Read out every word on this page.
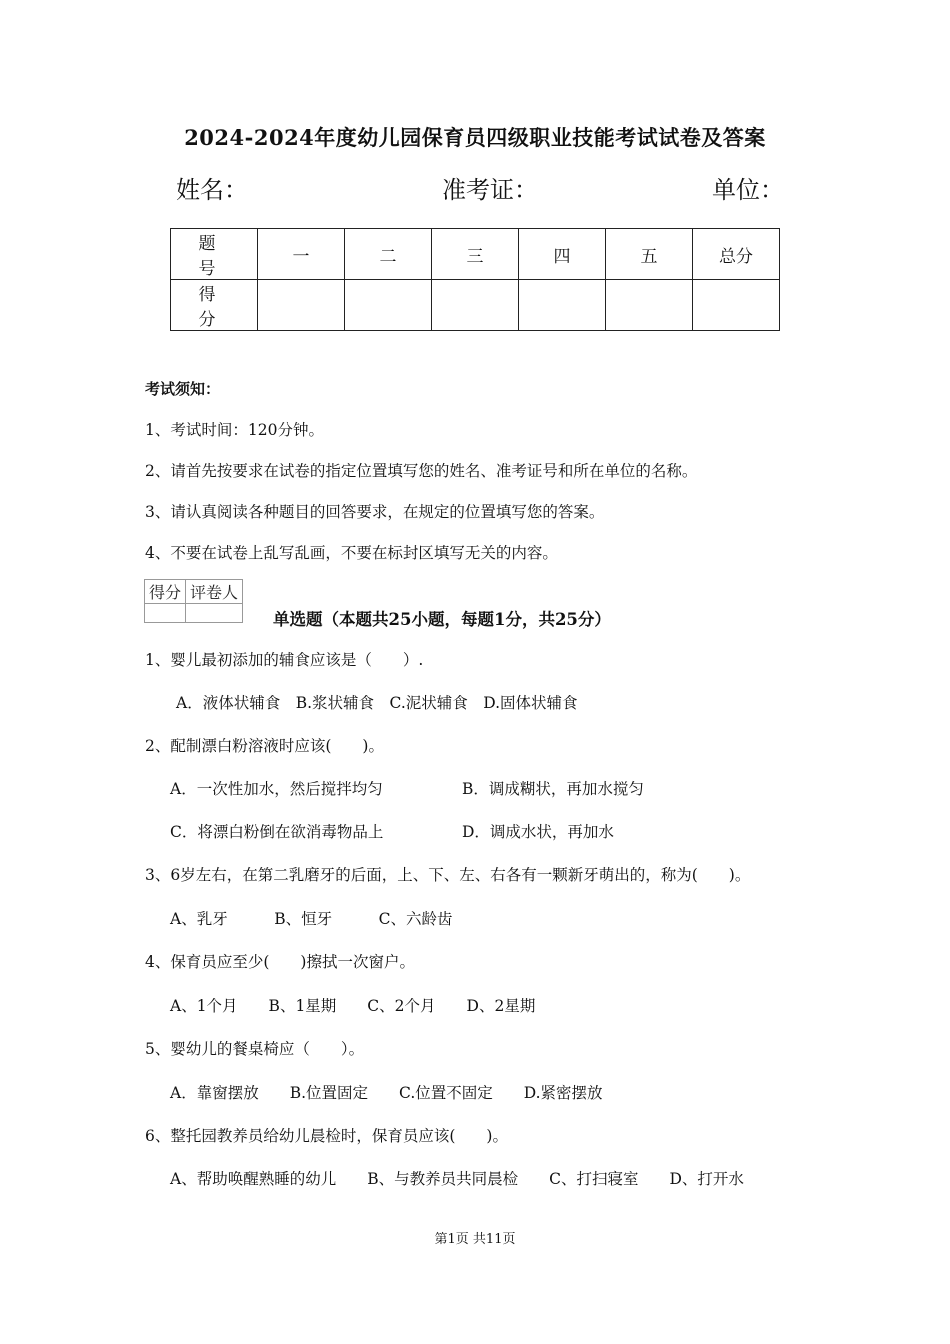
2024-2024年度幼儿园保育员四级职业技能考试试卷及答案
姓名：	准考证：	单位：
题　号	一	二	三	四	五	总分
得　分						
考试须知：
1、考试时间：120分钟。
2、请首先按要求在试卷的指定位置填写您的姓名、准考证号和所在单位的名称。
3、请认真阅读各种题目的回答要求，在规定的位置填写您的答案。
4、不要在试卷上乱写乱画，不要在标封区填写无关的内容。
得分	评卷人

单选题（本题共25小题，每题1分，共25分）
1、婴儿最初添加的辅食应该是（　　）.
A．液体状辅食　B.浆状辅食　C.泥状辅食　D.固体状辅食
2、配制漂白粉溶液时应该(　　)。
A．一次性加水，然后搅拌均匀	B．调成糊状，再加水搅匀
C．将漂白粉倒在欲消毒物品上	D．调成水状，再加水
3、6岁左右，在第二乳磨牙的后面，上、下、左、右各有一颗新牙萌出的，称为(　　)。
A、乳牙　　　B、恒牙　　　C、六龄齿
4、保育员应至少(　　)擦拭一次窗户。
A、1个月　　B、1星期　　C、2个月　　D、2星期
5、婴幼儿的餐桌椅应（　　）。
A．靠窗摆放　　B.位置固定　　C.位置不固定　　D.紧密摆放
6、整托园教养员给幼儿晨检时，保育员应该(　　)。
A、帮助唤醒熟睡的幼儿　　B、与教养员共同晨检　　C、打扫寝室　　D、打开水
第1页 共11页
